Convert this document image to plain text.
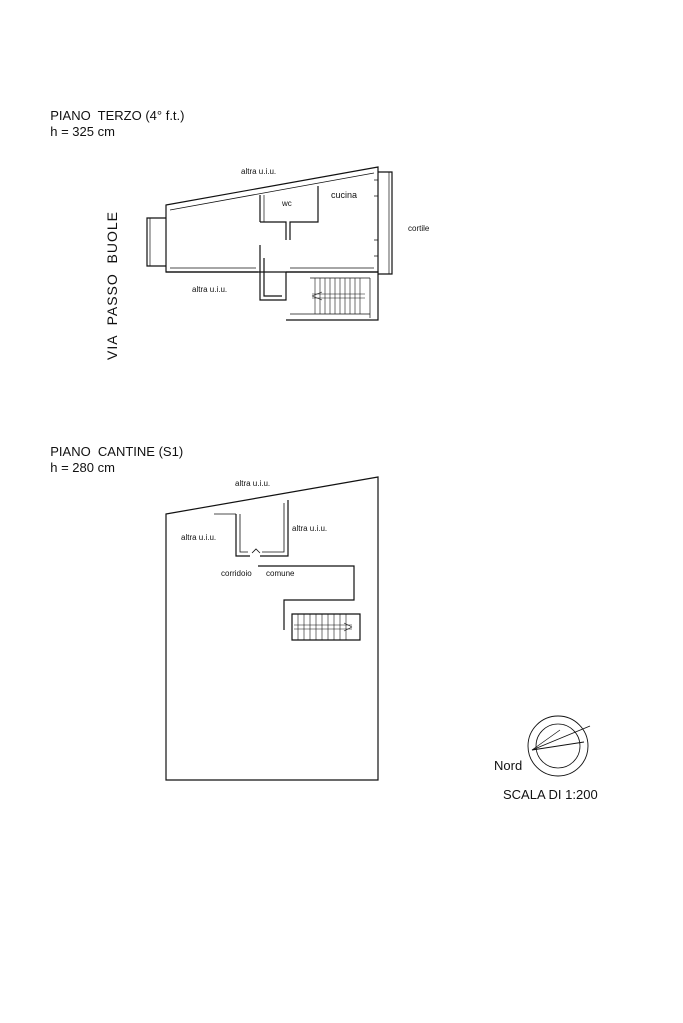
PIANO  TERZO (4° f.t.)

h = 325 cm

VIA  PASSO  BUOLE
altra u.i.u.
wc
cucina
cortile
altra u.i.u.

PIANO  CANTINE (S1)

h = 280 cm

altra u.i.u.
altra u.i.u.
altra u.i.u.
corridoio comune
Nord
SCALA DI 1:200
